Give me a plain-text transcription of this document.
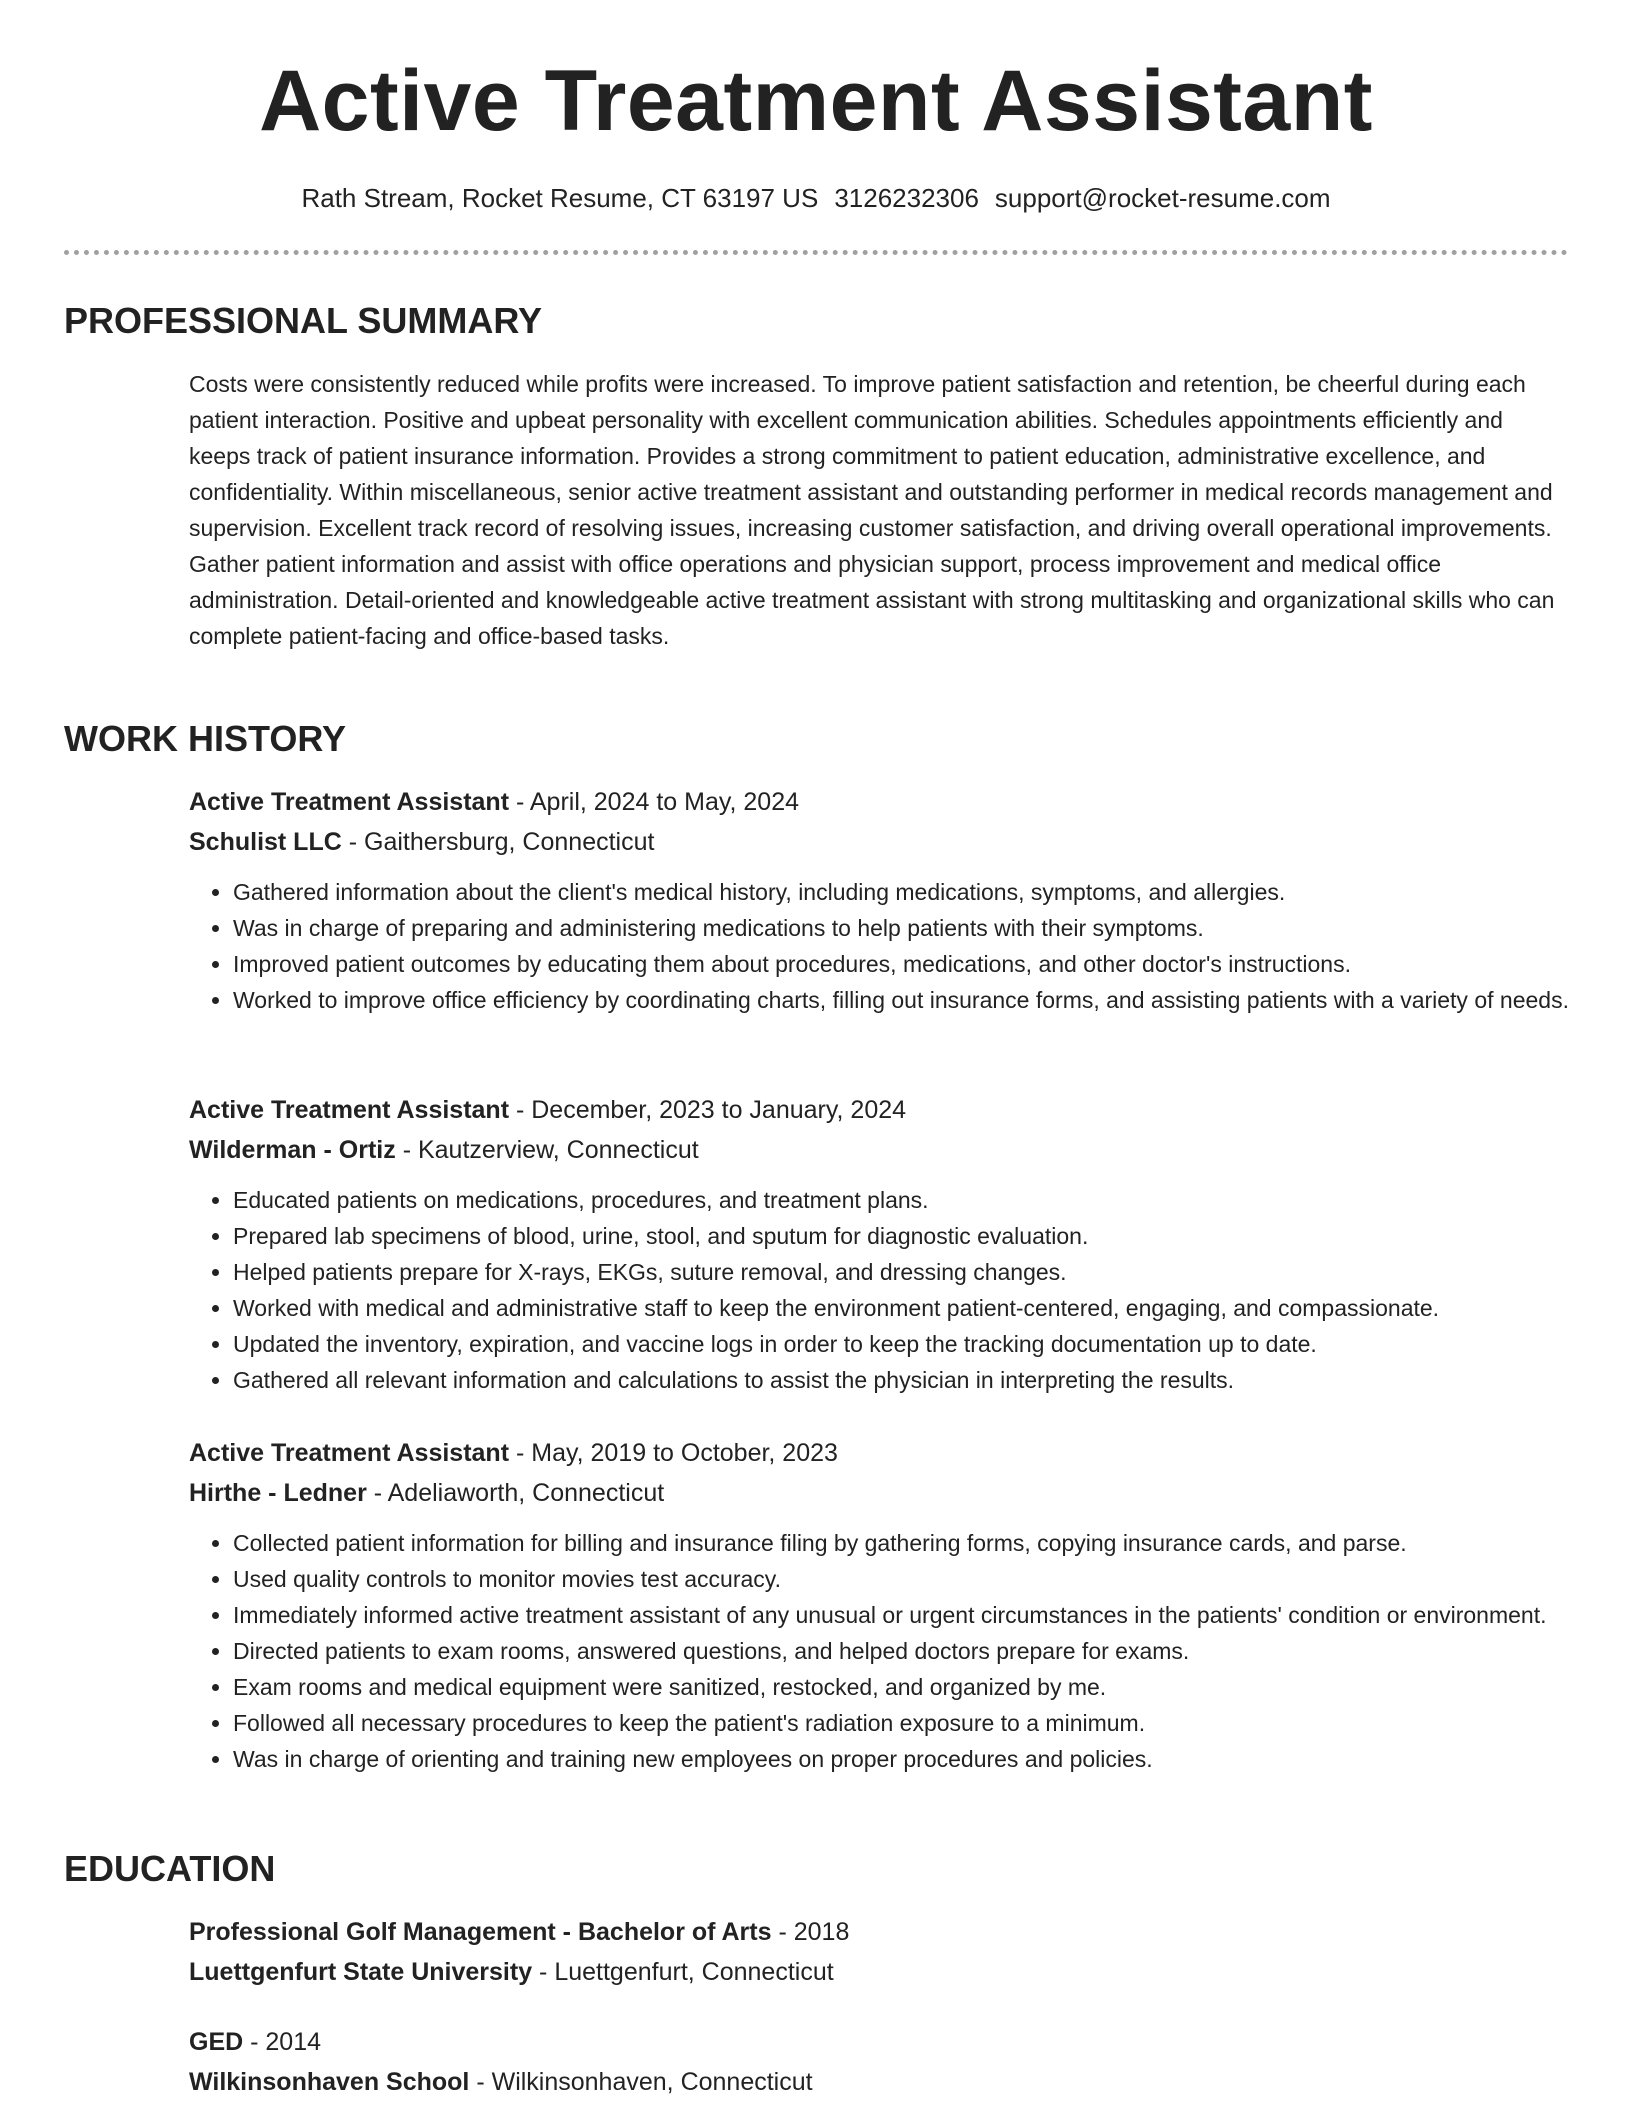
Active Treatment Assistant
Rath Stream, Rocket Resume, CT 63197 US 3126232306 support@rocket-resume.com
PROFESSIONAL SUMMARY
Costs were consistently reduced while profits were increased. To improve patient satisfaction and retention, be cheerful during each patient interaction. Positive and upbeat personality with excellent communication abilities. Schedules appointments efficiently and keeps track of patient insurance information. Provides a strong commitment to patient education, administrative excellence, and confidentiality. Within miscellaneous, senior active treatment assistant and outstanding performer in medical records management and supervision. Excellent track record of resolving issues, increasing customer satisfaction, and driving overall operational improvements. Gather patient information and assist with office operations and physician support, process improvement and medical office administration. Detail-oriented and knowledgeable active treatment assistant with strong multitasking and organizational skills who can complete patient-facing and office-based tasks.
WORK HISTORY
Active Treatment Assistant - April, 2024 to May, 2024
Schulist LLC - Gaithersburg, Connecticut
• Gathered information about the client's medical history, including medications, symptoms, and allergies.
• Was in charge of preparing and administering medications to help patients with their symptoms.
• Improved patient outcomes by educating them about procedures, medications, and other doctor's instructions.
• Worked to improve office efficiency by coordinating charts, filling out insurance forms, and assisting patients with a variety of needs.
Active Treatment Assistant - December, 2023 to January, 2024
Wilderman - Ortiz - Kautzerview, Connecticut
• Educated patients on medications, procedures, and treatment plans.
• Prepared lab specimens of blood, urine, stool, and sputum for diagnostic evaluation.
• Helped patients prepare for X-rays, EKGs, suture removal, and dressing changes.
• Worked with medical and administrative staff to keep the environment patient-centered, engaging, and compassionate.
• Updated the inventory, expiration, and vaccine logs in order to keep the tracking documentation up to date.
• Gathered all relevant information and calculations to assist the physician in interpreting the results.
Active Treatment Assistant - May, 2019 to October, 2023
Hirthe - Ledner - Adeliaworth, Connecticut
• Collected patient information for billing and insurance filing by gathering forms, copying insurance cards, and parse.
• Used quality controls to monitor movies test accuracy.
• Immediately informed active treatment assistant of any unusual or urgent circumstances in the patients' condition or environment.
• Directed patients to exam rooms, answered questions, and helped doctors prepare for exams.
• Exam rooms and medical equipment were sanitized, restocked, and organized by me.
• Followed all necessary procedures to keep the patient's radiation exposure to a minimum.
• Was in charge of orienting and training new employees on proper procedures and policies.
EDUCATION
Professional Golf Management - Bachelor of Arts - 2018
Luettgenfurt State University - Luettgenfurt, Connecticut
GED - 2014
Wilkinsonhaven School - Wilkinsonhaven, Connecticut
